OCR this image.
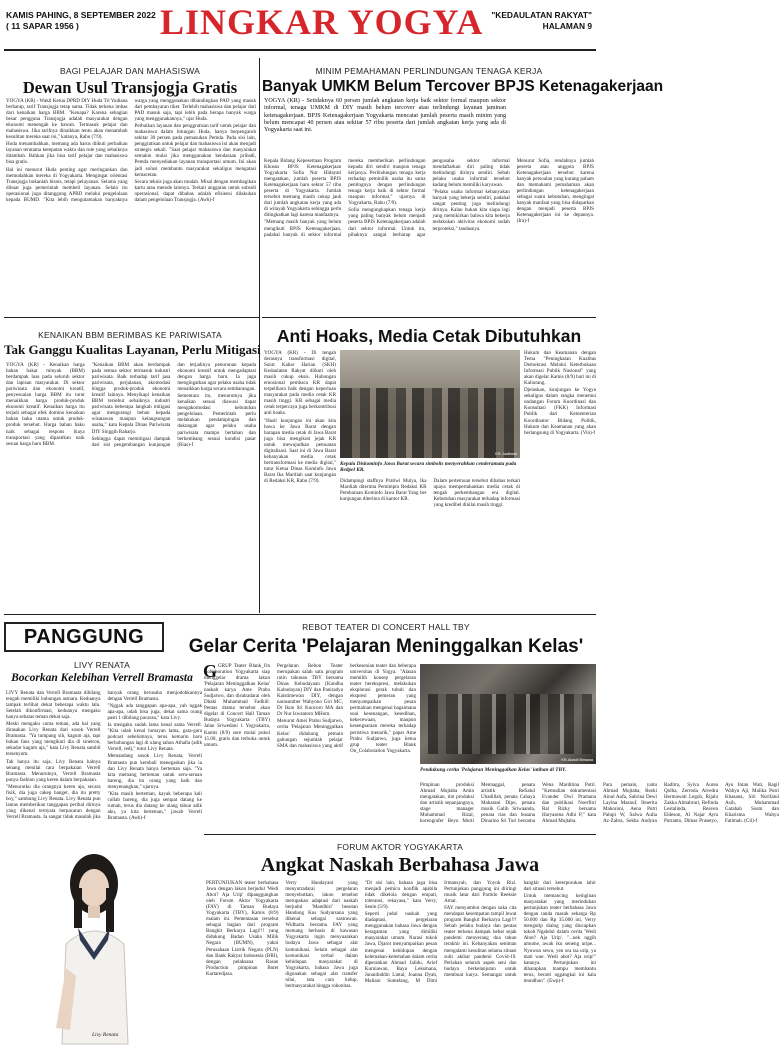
KAMIS PAHING, 8 SEPTEMBER 2022
( 11 SAPAR 1956 ) LINGKAR YOGYA "KEDAULATAN RAKYAT"
HALAMAN 9
BAGI PELAJAR DAN MAHASISWA
Dewan Usul Transjogja Gratis

YOGYA (KR) - Wakil Ketua DPRD DIY Huda Tri Yudiana berharap, tarif Transjogja tetap sama. Tidak terkena imbas dari kenaikan harga BBM. "Kenapa? Karena sebagian besar pengguna Transjogja adalah masyarakat dengan ekonomi menengah ke bawah. Termasuk pelajar dan mahasiswa. Jika tarifnya dinaikkan tentu akan menambah kesulitan mereka saat ini," katanya, Rabu (7/9).

Huda menambahkan, memang ada harus diikuti perbaikan layanan terutama ketepatan waktu dan rute yang sebaiknya ditambah. Bahkan jika bisa tarif pelajar dan mahasiswa bisa gratis.

Hal ini menurut Huda penting agar meringankan dan memudahkan mereka di Yogyakarta. Mengingat orientasi Transjogja bukanlah bisnis, tetapi pelayanan. Selama yang dibuat juga pemerintah membeli layanan. Selain itu operasional juga ditanggung APBD melalui pengelolaan kepada BUMD. "Kita lebih mengutamakan banyaknya warga yang menggunakan dibandingkan PAD yang masuk dari pembayaran tiket. Terlebih mahasiswa dan pelajar dari PAD masuk saja, tapi lebih pada berapa banyak warga yang menggunakannya," ujar Huda.

Perbaikan layanan dan penggratisan tarif untuk pelajar dan mahasiswa dalam hitungan Huda, hanya berpengaruh sekitar 30 persen pada pemasukan Pemda. Pada sisi lain, penggratisan untuk pelajar dan mahasiswa ini akan menjadi strategis sekali. "Saat pelajar mahasiswa dan masyarakat semakin mulai jika menggunakan kendaraan pribadi, Pemda menyediakan layanan transportasi umum. Ini akan jadi solusi membantu masyarakat sekaligus mengatasi kemacetan.

Secara teknis juga akan mudah. Misal dengan membagikan kartu atau metode lainnya. Terkait anggaran untuk subsidi operasional, dapat dibahas adalah efisiensi dilakukan dalam pengelolaan Transjogja. (Awh)-f

MINIM PEMAHAMAN PERLINDUNGAN TENAGA KERJA
Banyak UMKM Belum Tercover BPJS Ketenagakerjaan
YOGYA (KR) - Setidaknya 60 persen jumlah angkatan kerja baik sektor formal maupun sektor informal, tenaga UMKM di DIY masih belum tercover atau terlindungi layanan jaminan ketenagakerjaan. BPJS Ketenagakerjaan Yogyakarta mencatat jumlah peserta masih minim yang belum mencapai 40 persen atau sekitar 57 ribu peserta dari jumlah angkatan kerja yang ada di Yogyakarta saat ini.

Kepala Bidang Kepesertaan Program Khusus BPJS Ketenagakerjaan Yogyakarta Sofia Nur Hidayati mengatakan, jumlah peserta BPJS Ketenagakerjaan baru sektor 57 ribu peserta di Yogyakarta. Jumlah tersebut memang masih cukup jauh dari jumlah angkatan kerja yang ada di wilayah Yogyakarta sehingga perlu ditingkatkan lagi karena manfaatnya.

"Memang masih banyak yang belum mengikuti BPJS Ketenagakerjaan, padahal banyak di sektor informal mereka memberikan perlindungan kepada diri sendiri maupun tenaga kerjanya. Perlindungan tenaga kerja terhadap peminilik usaha itu sama pentingnya dengan perlindungan tenaga kerja baik di sektor formal maupun informal," ujarnya di Yogyakarta, Rabu (7/9).

Sofia mengungkapkan tenaga kerja yang paling banyak belum menjadi peserta BPJS Ketenagakerjaan adalah dari sektor informal. Untuk itu, pihaknya sangat berharap agar pengusaha sektor informal mendaftarkan diri paling tidak melindungi dirinya sendiri. Sebab pelaku usaha informal tersebut kadang belum memiliki karyawan.

"Pelaku usaha informal kebanyakan banyak yang bekerja sendiri, padahal sangat penting juga melindungi dirinya. Kalau bukan kita siapa lagi yang memikirkan bahwa kita bekerja melakukan aktivitas ekonomi sudah terproteksi," tandasnya.

Menurut Sofia, rendahnya jumlah peserta atau anggota BPJS Ketenagakerjaan tersebut karena banyak persoalan yang kurang paham dan memahami pemahaman akan perlindungan ketenagakerjaan sebagai suatu kebutuhan, mengingat banyak manfaat yang bisa didapatkan dengan menjadi peserta BPJS Ketenagakerjaan ini ke depannya. (Ira)-f

KENAIKAN BBM BERIMBAS KE PARIWISATA
Tak Ganggu Kualitas Layanan, Perlu Mitigasi

YOGYA (KR) - Kenaikan harga bahan bakar minyak (BBM) berdampak luas pada seluruh sektor dan lapisan masyarakat. Di sektor pariwisata dan ekonomi kreatif, penyesuaian harga BBM itu turut menaikkan harga produk-produk ekonomi kreatif. Kenaikan harga itu terjadi sebagai efek domino kenaikan bahan baku utama untuk produk-produk tersebut. Harga bahan baku naik sebagai respons biaya transportasi yang dipastikan naik sesuai harga baru BBM.

"Kenaikan BBM akan berdampak pada semua sektor termasuk industri pariwisata. Baik terhadap tarif jasa pariwisata, perjalanan, akomodasi hingga produk-produk ekonomi kreatif lainnya. Menyikapi kenaikan BBM tersebut sebaiknya industri pariwisata beberapa langkah mitigasi agar mengurangi beban kepada wisatawan maupun kelangsungan usaha," kata Kepala Dinas Pariwisata DIY Singgih Raharjo.

Sehingga dapat memitigasi dampak dari sisi pengembangan kunjungan dan terjadinya penurunan kepada ekonomi kreatif untuk mengadaptasi dengan harga baru. Ia juga mengingatkan agar pelaku usaha tidak menaikkan harga secara sembarangan.

Sementara itu, menurutnya jika kenaikan sesuai diawasi dapat mengakomodasi kebutuhan pengelolaan. Pemerintah perlu melakukan pendampingan dan dukungan agar pelaku usaha pariwisata mampu bertahan dan berkembang sesuai kondisi pasar (Rias)-f

Anti Hoaks, Media Cetak Dibutuhkan

YOGYA (KR) - Di tengah derasnya transformasi digital, Surat Kabar Harian (SKH) Kedaulatan Rakyat diikuti oleh masih cukup eksis. Hubungan emosional pembaca KR dapat terpelihara baik dengan keperluan masyarakat pada media cetak KR masih tinggi. KR sebagai media cetak terpercaya juga berkontribusi anti hoaks.

"Hasil kunjungan ini akan kita bawa ke Jawa Barat dengan harapan media cetak di Jawa Barat juga bisa mengikuti jejak KR untuk mewujudkan pemuatan digitalisasi. Saat ini di Jawa Barat kebanyakan media cetak bertransformasi ke media digital," tutur Ketua Dinas Kominfo Jawa Barat Ika Mardiah saat kunjungan di Redaksi KR, Rabu (7/9).

KR-Juwitarto
Kepala Diskominfo Jawa Barat secara simbolis menyerahkan cenderamata pada Redpel KR.

Didampingi staffnya Pratiwi Mulya, Ika Mardiah diterima Pemimpin Redaksi KR Pembaruan Kominfo Jawa Barat Yang ber kunjungan diterima di kantor KR.

Dalam pertemuan tersebut dibahas terkait upaya mempertahankan media cetak di tengah perkembangan era digital. Kebutuhan masyarakat terhadap informasi yang kredibel dinilai masih tinggi.

Hukum dan Keamanan dengan Tema "Peningkatan Kualitas Demokrasi Melalui Keterbukaan Informasi Publik Nasional" yang akan digelar Kamis (8/9) hari ini di Kaliurang.

Djelaskan, kunjungan ke Yogya sekaligus dalam rangka menemui undangan Forum Koordinasi dan Konsultasi (FKK) Informasi Publik dari Kementerian Koordinator Bidang Politik, Hukum dan Keamanan yang akan berlangsung di Yogyakarta. (Vin)-f

PANGGUNG	REBOT TEATER DI CONCERT HALL TBY
Gelar Cerita 'Pelajaran Meninggalkan Kelas'
G GRUP Teater Blank_On Collaboration Yogyakarta siap menggelar drama lakon 'Pelajaran Meninggalkan Kelas' naskah karya Ame Prabu Sudjarwo, dan disutradarai oleh Dhaki Muhammad Fadhill. Pentas drama tersebut akan digelar di Concert Hall Taman Budaya Yogyakarta (TBY) Jalan Sriwedani 1 Yogyakarta, Kamis (8/9) sore mulai pukul 15.00, gratis dan terbuka untuk umum.

Pergelaran Rebon Teater merupakan salah satu program rutin tahunan TBY bersama Dinas Kebudayaan (Kundha Kabudayan) DIY dan Paniradya Kaistimewan DIY, dengan narasumber Wahyono Giri MC, Dr Ikun Sri Kuncoro MA dan Dr Nur Iswantoro MHum.

Menurut Amei Prabu Sudjarwo, cerita 'Pelajaran Meninggalkan Kelas' didukung pemain gabungan sejumlah pelajar SMA dan mahasiswa yang aktif berkesenian teater dan beberapa universitas di Yogya. "Alasan memilih konsep pergelaran teater berekspresi, melakukan eksplorasi gerak tubuh dan ekspresi pemeran yang menyampaikan pesan permainan mengenai bagaimana soal kesenangan, kesedihan, kekecewaan, maupun kesengsaraan mereka terhadap peristiwa menarik," papar Ame Prabu Sudjarwo, juga ketua grup teater Blank On_Colaboration Yogyakarta.

KR-Abadil Bimawa
Pendukung cerita 'Pelajaran Meninggalkan Kelas' latihan di TBY.

Pimpinan produksi Ahmad Mujtaba Amin mengatakan, tim produksi dan artistik sepanjangnya, stage manager Muhammad Rizal, koreografer Beyu Murti Mennaggal, penata artistik Refiatul Ubadillah, penata Cahaya Maharani Dipo, penata musik Galih Sriwaanda, penata rias dan busana Dinarino Sri Turi bersama Wena Marditina Putri. "Kemudian dokumentasi Evander Dwi Pramana dan publikasi Noerfitri Ral Rizky bersama Haryasena Adhi P," kata Ahmad Mujtaba.

Para pemain, yaitu Ahmad Mujtaba, Rezki Ainul Aufa, Sabrina Dewi Layina Masnuf, Ibnerita Mahoroni, Aena Putri Palupi W, Salwa Aulia Az-Zahra, Sekha Andyan Raditra, Syiva Aurea Qolba, Zerroda Alvedra Hermawati Legoh, Rijalu Zakka Almabruri, Refinda Lestalinda, Reaven Eldeson, Al Najar Ayra Putranto, Dimas Prasetyo, Ayu Intan Wati, Ragil Wahyu Aji, Malika Putri Khasana, Siti Nurifatul Asih, Muhammad Gatahah Susm dan Kharisma Wahyu Fatimah. (Cil)-f

LIVY RENATA
Bocorkan Kelebihan Verrell Bramasta

LIVY Renata dan Verrell Bramasta dibilang tengah memiliki hubungan asmara. Keduanya tampak terlihat dekat beberapa waktu lalu. Setelah dikonfirmasi, keduanya mengaku hanya sebatas teman dekat saja.

Meski mengaku cuma teman, ada hal yang dirasakan Livy Renata dari sosok Verrell Bramasta. "Ya tumpang sih, kagum aja, tapi bukan fans yang mengikuti dia di sinetron, sekadar kagum aja," kata Livy Renata sambil tersenyum.

Tak hanya itu saja, Livy Renata halnya senang menilai cara berpakaian Verrell Bramasta. Menurutnya, Verrell Bramasta punya fashion yang keren dalam berpakaian.

"Menurutku dia orangnya keren aja, secara fisik, dia juga cakep banget, dia itu pretty boy," sambung Livy Renata. Livy Renata pun lantas memberikan tanggapan perihal dirinya yang dikenal ternyata berpacaran dengan Verrell Bramasta. Ia sangat tidak masalah jika banyak orang berusaha menjodohkannya dengan Verrell Bramasta.

"Nggak ada tanggapan apa-apa, yah nggak apa-apa, udah bisa juga, dekat sama orang pasti 1 dibilang pacaran," kata Livy.

Ia mengaku sudah lama kenal sama Verrell. "Kita udah kenal lumayan lama, gara-gara podcast sebelumnya, terus kemarin baru berhubungan lagi di ulang tahun Athalla (adik Verrell, red)," tutur Livy Renata.

Memandang sosok Livy Renata, Verrell Bramasta pun kembali menegaskan jika ia dan Livy Renata hanya berteman saja. "Ya kita memang berteman untuk seru-seruan bareng, dia itu orang yang baik dan menyenangkan," ujarnya.

"Kita masih berteman, kayak beberapa kali collab bareng, dia juga sempat datang ke rumah, terus dia datang ke ulang tahun adik aku, ya kita berteman," jawab Verrell Bramasta. (Awh)-f

Livy Renata
FORUM AKTOR YOGYAKARTA
Angkat Naskah Berbahasa Jawa

PERTUNJUKAN teater berbahasa Jawa dengan lakon berjudul 'Wedi Abot? Aja Urip' dipanggungkan oleh Forum Aktor Yogyakarta (FAY) di Taman Budaya Yogyakarta (TBY), Kamis (8/9) malam ini. Pementasan tersebut sebagai bagian dari program Bangkit Berkarya Lagi!!! yang didukung Badan Usaha Milik Negara (BUMN), yakni Perusahaan Listrik Negara (PLN) dan Bank Rakyat Indonesia (BRI), dengan pelaksana Rasan Production pimpinan Butet Kartaredjasa.

Verry Handayani yang menyutradarai pergelaran menyebutkan, lakon tersebut merupakan adaptasi dari naskah berjudul 'Mandhiri' besutan Handung Kus Sudyarsana yang dikenal sebagai sastrawan. Widharta bersama FAY yang memang berbasis di kawasan Yogyakarta ingin menyuarakan budaya Jawa sebagai alat komunikasi. Selain sebagai alat komunikasi verbal dalam kehidupan masyarakat di Yogyakarta, bahasa Jawa juga digunakan sebagai alat transfer nilai, tata cara hidup, bermasyarakat hingga rokonitas.

"Di sisi lain, bahasa juga bisa menjadi pemicu konflik apabila tidak dikelola dengan empati, toleransi, rekayasa," kata Verry, Senin (5/9).

Seperti judul naskah yang diadaptasi, pergelaran menggunakan bahasa Jawa dengan keragaman yang dimiliki masyarakat umum. Narasi tokoh Jawa, Djarot menyampaikan pesan mengenai kehidupan dengan kelemahan-kelemahan dalam cerita diperankan Ahmad Jalidu, Arief Kurniawan, Bayu Leksmana, Junaiduddin Lintal, Joanna Dyah, Maliani Sumelang, M Dimi Irmansyah, dan Yoyok Rizi. Pertunjukan panggung ini diiringi musik latar dari Partido Reeksie Amar.

FAY menyambut dengan suka cita mendapat kesempatan tampil lewat program Bangkit Berkarya Lagi!!! Sebab pelaku budaya dan pentas teater terkena dampak hebat sejak pandemi menyerang dua tahun terakhir ini. Kebanyakan seniman mengalami kesulitan selama situasi sulit akibat pandemi Covid-19. Perlahan seluruh aspek seni dan budaya berkelanjutan untuk membuat karya. Semangat untuk bangkit dari keterpurukan lahir dari situasi tersebut.

Untuk memancing keinginan masyarakat yang merindukan pertunjukan teater berbahasa Jawa dengan tanda masuk seharga Rp 50.000 dan Rp 35.000 ini, Verry mengutip dialog yang diucapkan tokoh Ngabdul dalam cerita 'Wedi Abot? Aja Urip'. "...nek nggih umume, awak iku seneng uripe... Nyuwun sewu, yen ora isa urip, ya mati wae. Wedi abot? Aja urip!" katanya. Pertunjukan ini diharapkan mampu membantu terus, berarti nggangkai ini kala mundhun". (Ewp)-f
